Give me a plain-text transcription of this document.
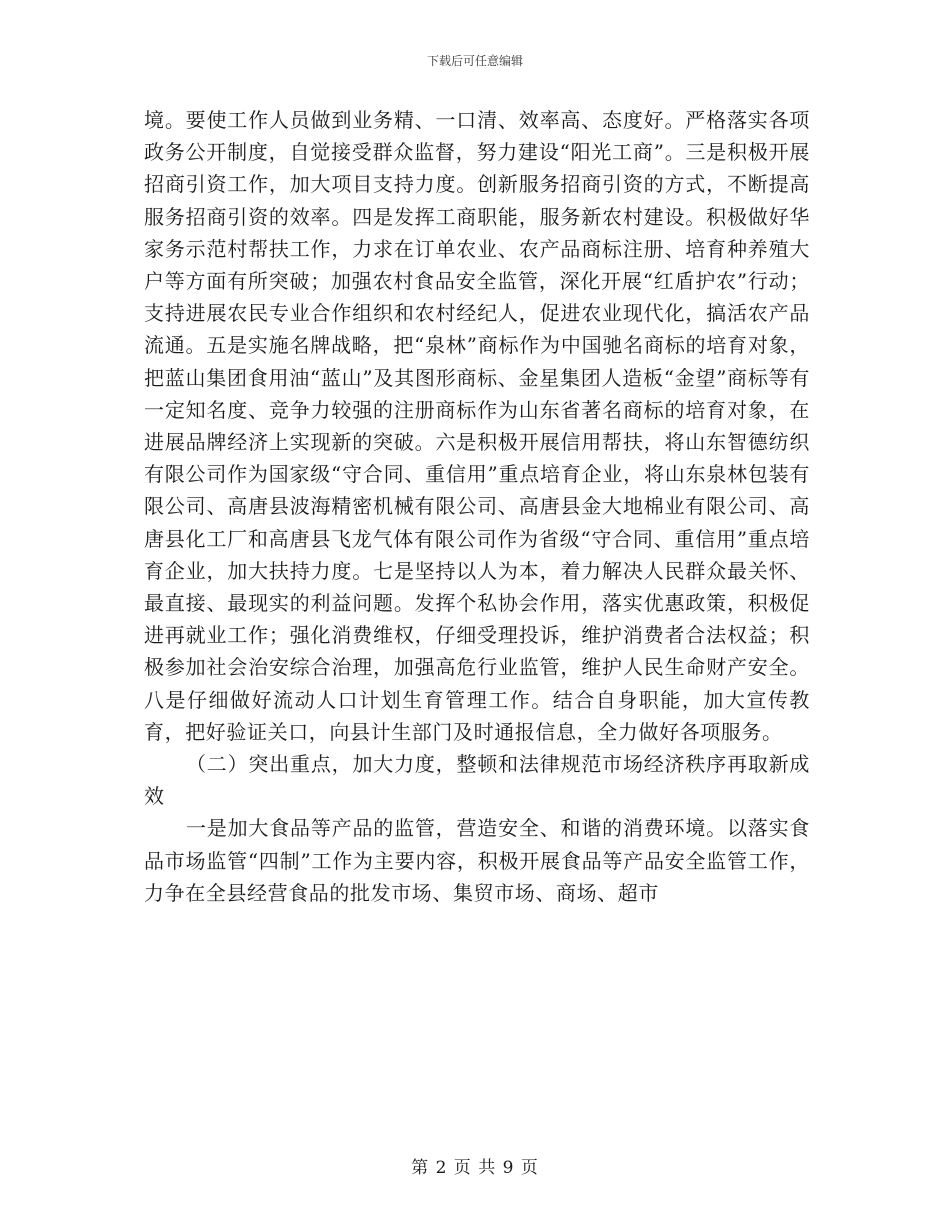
下载后可任意编辑

境。要使工作人员做到业务精、一口清、效率高、态度好。严格落实各项政务公开制度，自觉接受群众监督，努力建设“阳光工商”。三是积极开展招商引资工作，加大项目支持力度。创新服务招商引资的方式，不断提高服务招商引资的效率。四是发挥工商职能，服务新农村建设。积极做好华家务示范村帮扶工作，力求在订单农业、农产品商标注册、培育种养殖大户等方面有所突破；加强农村食品安全监管，深化开展“红盾护农”行动；支持进展农民专业合作组织和农村经纪人，促进农业现代化，搞活农产品流通。五是实施名牌战略，把“泉林”商标作为中国驰名商标的培育对象，把蓝山集团食用油“蓝山”及其图形商标、金星集团人造板“金望”商标等有一定知名度、竞争力较强的注册商标作为山东省著名商标的培育对象，在进展品牌经济上实现新的突破。六是积极开展信用帮扶，将山东智德纺织有限公司作为国家级“守合同、重信用”重点培育企业，将山东泉林包装有限公司、高唐县波海精密机械有限公司、高唐县金大地棉业有限公司、高唐县化工厂和高唐县飞龙气体有限公司作为省级“守合同、重信用”重点培育企业，加大扶持力度。七是坚持以人为本，着力解决人民群众最关怀、最直接、最现实的利益问题。发挥个私协会作用，落实优惠政策，积极促进再就业工作；强化消费维权，仔细受理投诉，维护消费者合法权益；积极参加社会治安综合治理，加强高危行业监管，维护人民生命财产安全。八是仔细做好流动人口计划生育管理工作。结合自身职能，加大宣传教育，把好验证关口，向县计生部门及时通报信息，全力做好各项服务。

（二）突出重点，加大力度，整顿和法律规范市场经济秩序再取新成效

一是加大食品等产品的监管，营造安全、和谐的消费环境。以落实食品市场监管“四制”工作为主要内容，积极开展食品等产品安全监管工作，力争在全县经营食品的批发市场、集贸市场、商场、超市

第 2 页 共 9 页
